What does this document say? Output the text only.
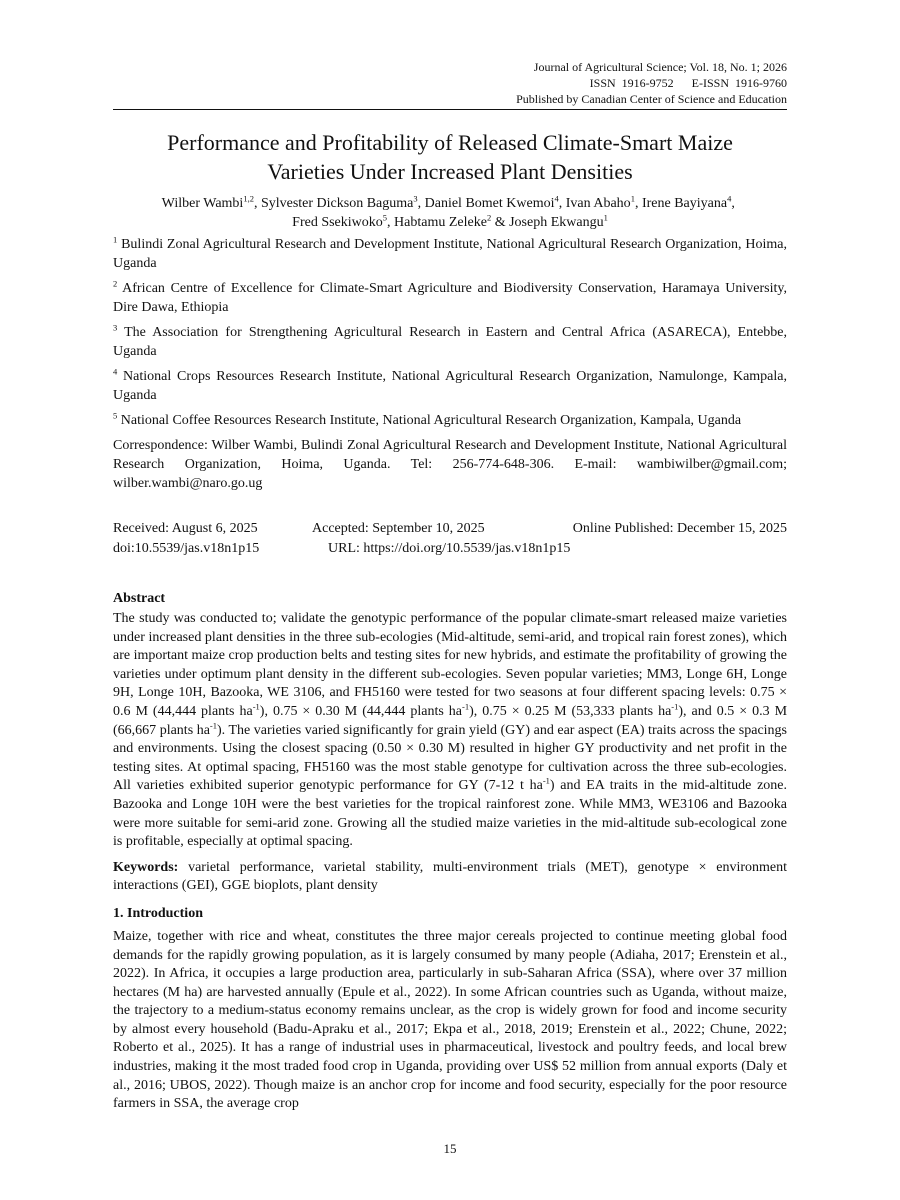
Journal of Agricultural Science; Vol. 18, No. 1; 2026
ISSN  1916-9752      E-ISSN  1916-9760
Published by Canadian Center of Science and Education
Performance and Profitability of Released Climate-Smart Maize
Varieties Under Increased Plant Densities
Wilber Wambi$^{1,2}$, Sylvester Dickson Baguma$^3$, Daniel Bomet Kwemoi$^4$, Ivan Abaho$^1$, Irene Bayiyana$^4$,
Fred Ssekiwoko$^5$, Habtamu Zeleke$^2$ & Joseph Ekwangu$^1$
$^1$ Bulindi Zonal Agricultural Research and Development Institute, National Agricultural Research Organization, Hoima, Uganda
$^2$ African Centre of Excellence for Climate-Smart Agriculture and Biodiversity Conservation, Haramaya University, Dire Dawa, Ethiopia
$^3$ The Association for Strengthening Agricultural Research in Eastern and Central Africa (ASARECA), Entebbe, Uganda
$^4$ National Crops Resources Research Institute, National Agricultural Research Organization, Namulonge, Kampala, Uganda
$^5$ National Coffee Resources Research Institute, National Agricultural Research Organization, Kampala, Uganda
Correspondence: Wilber Wambi, Bulindi Zonal Agricultural Research and Development Institute, National Agricultural Research Organization, Hoima, Uganda. Tel: 256-774-648-306. E-mail: wambiwilber@gmail.com; wilber.wambi@naro.go.ug
Received: August 6, 2025	Accepted: September 10, 2025	Online Published: December 15, 2025
doi:10.5539/jas.v18n1p15	URL: https://doi.org/10.5539/jas.v18n1p15
Abstract

The study was conducted to; validate the genotypic performance of the popular climate-smart released maize varieties under increased plant densities in the three sub-ecologies (Mid-altitude, semi-arid, and tropical rain forest zones), which are important maize crop production belts and testing sites for new hybrids, and estimate the profitability of growing the varieties under optimum plant density in the different sub-ecologies. Seven popular varieties; MM3, Longe 6H, Longe 9H, Longe 10H, Bazooka, WE 3106, and FH5160 were tested for two seasons at four different spacing levels: 0.75 × 0.6 M (44,444 plants $ha^{-1}$), 0.75 × 0.30 M (44,444 plants $ha^{-1}$), 0.75 × 0.25 M (53,333 plants $ha^{-1}$), and 0.5 × 0.3 M (66,667 plants $ha^{-1}$). The varieties varied significantly for grain yield (GY) and ear aspect (EA) traits across the spacings and environments. Using the closest spacing (0.50 × 0.30 M) resulted in higher GY productivity and net profit in the testing sites. At optimal spacing, FH5160 was the most stable genotype for cultivation across the three sub-ecologies. All varieties exhibited superior genotypic performance for GY (7-12 t $ha^{-1}$) and EA traits in the mid-altitude zone. Bazooka and Longe 10H were the best varieties for the tropical rainforest zone. While MM3, WE3106 and Bazooka were more suitable for semi-arid zone. Growing all the studied maize varieties in the mid-altitude sub-ecological zone is profitable, especially at optimal spacing.

Keywords: varietal performance, varietal stability, multi-environment trials (MET), genotype × environment interactions (GEI), GGE bioplots, plant density
1. Introduction

Maize, together with rice and wheat, constitutes the three major cereals projected to continue meeting global food demands for the rapidly growing population, as it is largely consumed by many people (Adiaha, 2017; Erenstein et al., 2022). In Africa, it occupies a large production area, particularly in sub-Saharan Africa (SSA), where over 37 million hectares (M ha) are harvested annually (Epule et al., 2022). In some African countries such as Uganda, without maize, the trajectory to a medium-status economy remains unclear, as the crop is widely grown for food and income security by almost every household (Badu-Apraku et al., 2017; Ekpa et al., 2018, 2019; Erenstein et al., 2022; Chune, 2022; Roberto et al., 2025). It has a range of industrial uses in pharmaceutical, livestock and poultry feeds, and local brew industries, making it the most traded food crop in Uganda, providing over US$ 52 million from annual exports (Daly et al., 2016; UBOS, 2022). Though maize is an anchor crop for income and food security, especially for the poor resource farmers in SSA, the average crop

15
